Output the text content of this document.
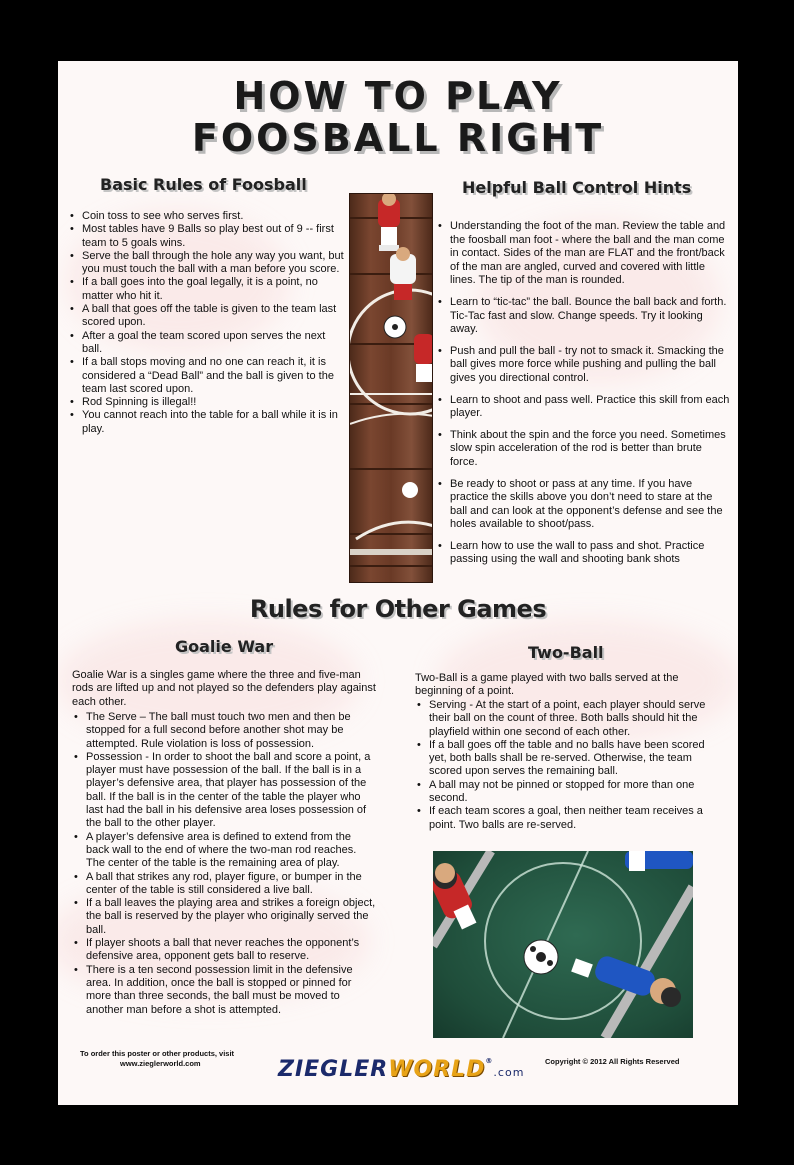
HOW TO PLAY
FOOSBALL RIGHT
Basic Rules of Foosball
• Coin toss to see who serves first.
• Most tables have 9 Balls so play best out of 9 -- first team to 5 goals wins.
• Serve the ball through the hole any way you want, but you must touch the ball with a man before you score.
• If a ball goes into the goal legally, it is a point, no matter who hit it.
• A ball that goes off the table is given to the team last scored upon.
• After a goal the team scored upon serves the next ball.
• If a ball stops moving and no one can reach it, it is considered a “Dead Ball” and the ball is given to the team last scored upon.
• Rod Spinning is illegal!!
• You cannot reach into the table for a ball while it is in play.
Helpful Ball Control Hints
• Understanding the foot of the man. Review the table and the foosball man foot - where the ball and the man come in contact. Sides of the man are FLAT and the front/back of the man are angled, curved and covered with little lines. The tip of the man is rounded.
• Learn to “tic-tac” the ball. Bounce the ball back and forth. Tic-Tac fast and slow. Change speeds. Try it looking away.
• Push and pull the ball - try not to smack it. Smacking the ball gives more force while pushing and pulling the ball gives you directional control.
• Learn to shoot and pass well. Practice this skill from each player.
• Think about the spin and the force you need. Sometimes slow spin acceleration of the rod is better than brute force.
• Be ready to shoot or pass at any time. If you have practice the skills above you don’t need to stare at the ball and can look at the opponent’s defense and see the holes available to shoot/pass.
• Learn how to use the wall to pass and shot. Practice passing using the wall and shooting bank shots
Rules for Other Games
Goalie War
Goalie War is a singles game where the three and five-man rods are lifted up and not played so the defenders play against each other.
• The Serve – The ball must touch two men and then be stopped for a full second before another shot may be attempted. Rule violation is loss of possession.
• Possession - In order to shoot the ball and score a point, a player must have possession of the ball. If the ball is in a player’s defensive area, that player has possession of the ball. If the ball is in the center of the table the player who last had the ball in his defensive area loses possession of the ball to the other player.
• A player’s defensive area is defined to extend from the back wall to the end of where the two-man rod reaches. The center of the table is the remaining area of play.
• A ball that strikes any rod, player figure, or bumper in the center of the table is still considered a live ball.
• If a ball leaves the playing area and strikes a foreign object, the ball is reserved by the player who originally served the ball.
• If player shoots a ball that never reaches the opponent’s defensive area, opponent gets ball to reserve.
• There is a ten second possession limit in the defensive area. In addition, once the ball is stopped or pinned for more than three seconds, the ball must be moved to another man before a shot is attempted.
Two-Ball
Two-Ball is a game played with two balls served at the beginning of a point.
• Serving - At the start of a point, each player should serve their ball on the count of three. Both balls should hit the playfield within one second of each other.
• If a ball goes off the table and no balls have been scored yet, both balls shall be re-served. Otherwise, the team scored upon serves the remaining ball.
• A ball may not be pinned or stopped for more than one second.
• If each team scores a goal, then neither team receives a point. Two balls are re-served.
To order this poster or other products, visit
www.zieglerworld.com	ZIEGLERWORLD®.com
Copyright © 2012 All Rights Reserved
